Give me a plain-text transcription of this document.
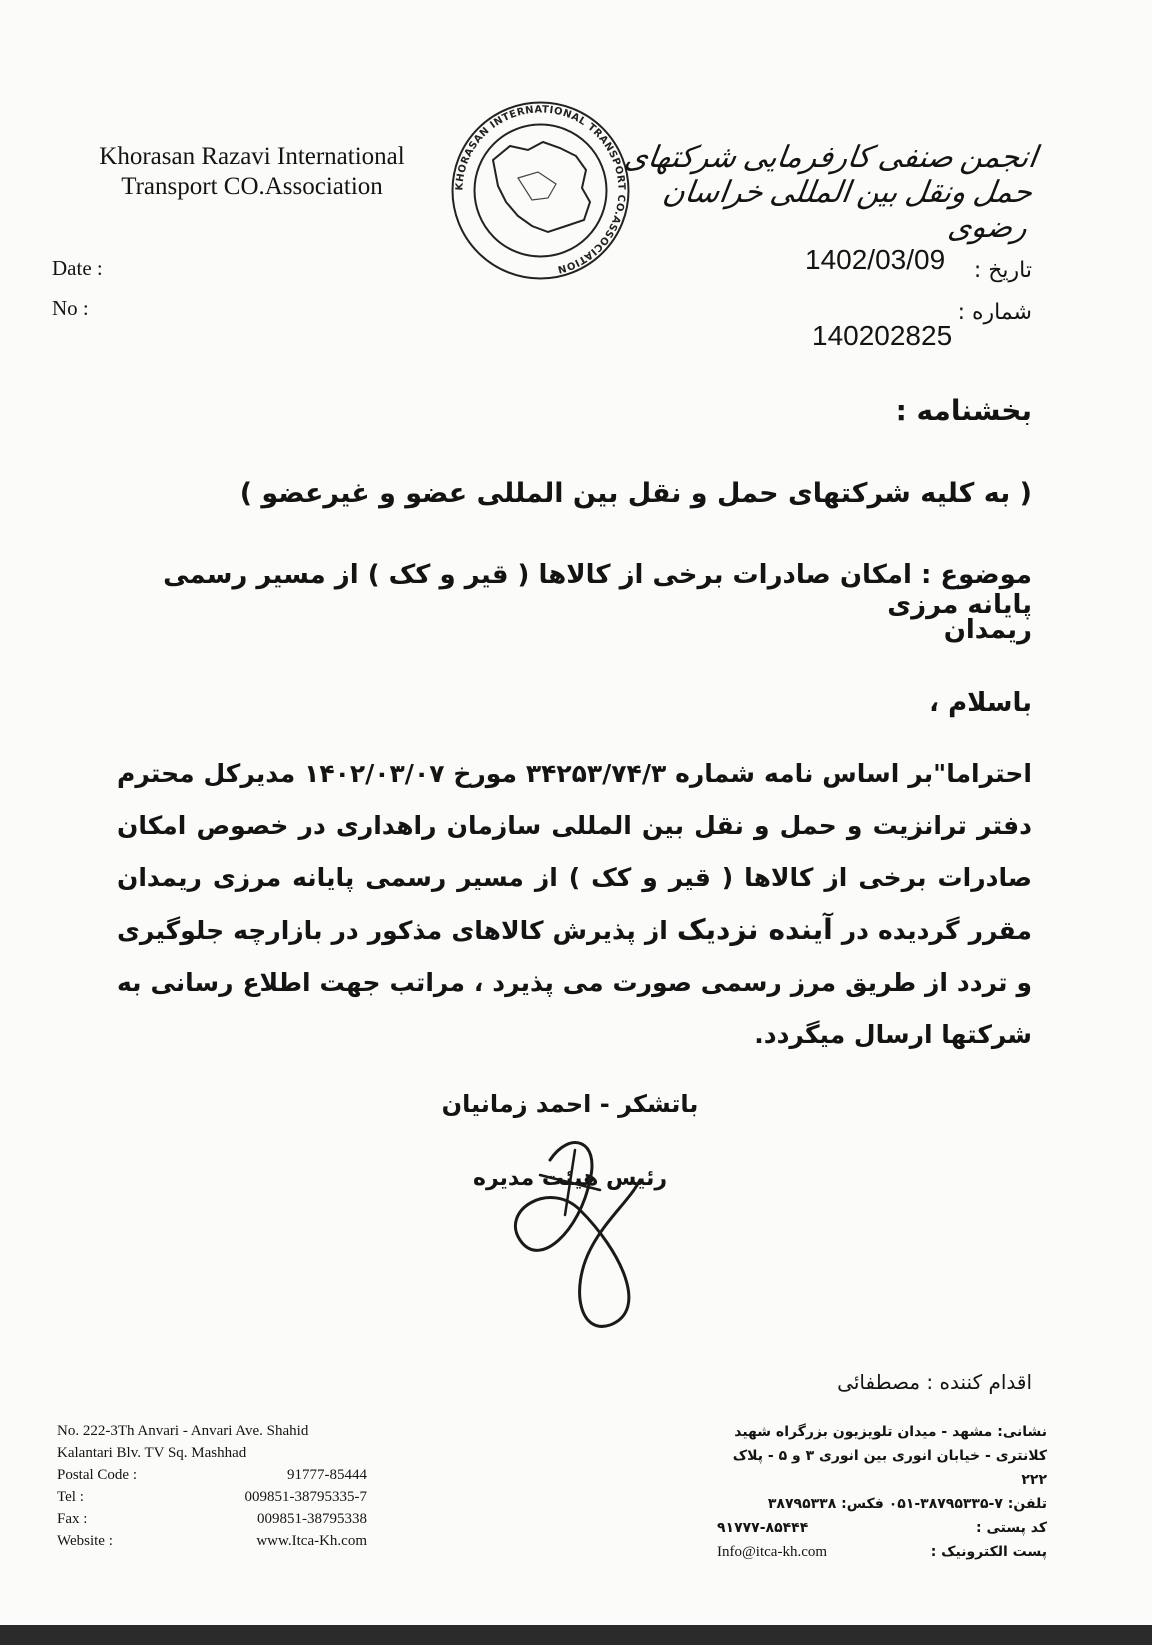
Khorasan Razavi International
Transport CO.Association	KHORASAN INTERNATIONAL TRANSPORT CO.ASSOCIATION
انجمن صنفی کارفرمایی شرکتهای حمل ونقل بین المللی خراسان رضوی
Date :
No :
تاریخ :
1402/03/09
شماره :
140202825
بخشنامه :
( به کلیه شرکتهای حمل و نقل بین المللی عضو و غیرعضو )
موضوع : امکان صادرات برخی از کالاها ( قیر و کک ) از مسیر رسمی پایانه مرزی
ریمدان
باسلام ،
احتراما"بر اساس نامه شماره ۳۴۲۵۳/۷۴/۳ مورخ ۱۴۰۲/۰۳/۰۷ مدیرکل محترم دفتر ترانزیت و حمل و نقل بین المللی سازمان راهداری در خصوص امکان صادرات برخی از کالاها ( قیر و کک ) از مسیر رسمی پایانه مرزی ریمدان مقرر گردیده در آینده نزدیک از پذیرش کالاهای مذکور در بازارچه جلوگیری و تردد از طریق مرز رسمی صورت می پذیرد ، مراتب جهت اطلاع رسانی به شرکتها ارسال میگردد.
باتشکر - احمد زمانیان
رئیس هیئت مدیره
اقدام کننده : مصطفائی
No. 222-3Th Anvari - Anvari Ave. Shahid
Kalantari Blv. TV Sq. Mashhad
Postal Code :	91777-85444
Tel :	009851-38795335-7
Fax :	009851-38795338
Website :	www.Itca-Kh.com
نشانی: مشهد - میدان تلویزیون بزرگراه شهید
کلانتری - خیابان انوری بین انوری ۳ و ۵ - پلاک ۲۲۲
تلفن: ۷-۳۸۷۹۵۳۳۵-۰۵۱ فکس: ۳۸۷۹۵۳۳۸
کد پستی :
۹۱۷۷۷-۸۵۴۴۴
پست الکترونیک :
Info@itca-kh.com
